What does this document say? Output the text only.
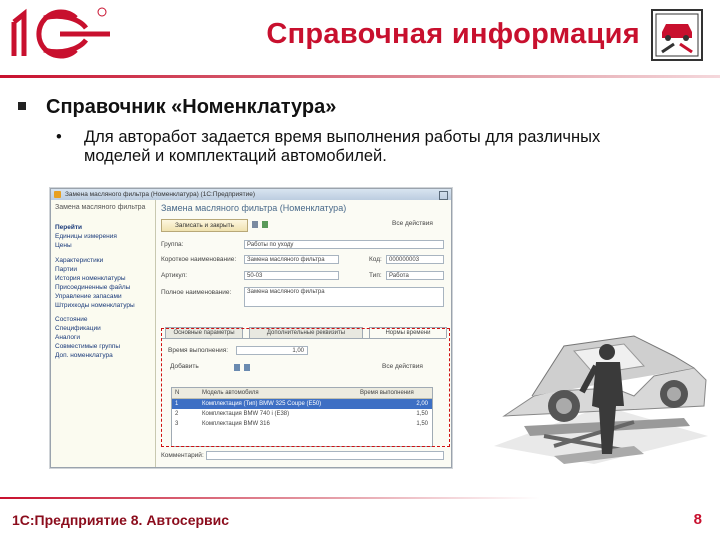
Справочная информация
Справочник «Номенклатура»
•	Для авторабот задается время выполнения работы для различных моделей и комплектаций автомобилей.
Замена масляного фильтра (Номенклатура) (1С:Предприятие)
Замена масляного фильтра
Перейти
Единицы измерения
Цены
Характеристики
Партии
История номенклатуры
Присоединенные файлы
Управление запасами
Штрихкоды номенклатуры
Состояние
Спецификации
Аналоги
Совместимые группы
Доп. номенклатура
Замена масляного фильтра (Номенклатура)
Записать и закрыть	Все действия
Группа:	Работы по уходу
Короткое наименование:	Замена масляного фильтра	Код:	000000003
Артикул:	50-03	Тип:	Работа
Полное наименование:	Замена масляного фильтра
Основные параметры	Дополнительные реквизиты	Нормы времени
Время выполнения:	1,00
Добавить	Все действия
N	Модель автомобиля	Время выполнения
1	Комплектация (Тип) BMW 325 Coupe (E50)	2,00
2	Комплектация BMW 740 i (E38)	1,50
3	Комплектация BMW 316	1,50
Комментарий:
1С:Предприятие 8. Автосервис	8
